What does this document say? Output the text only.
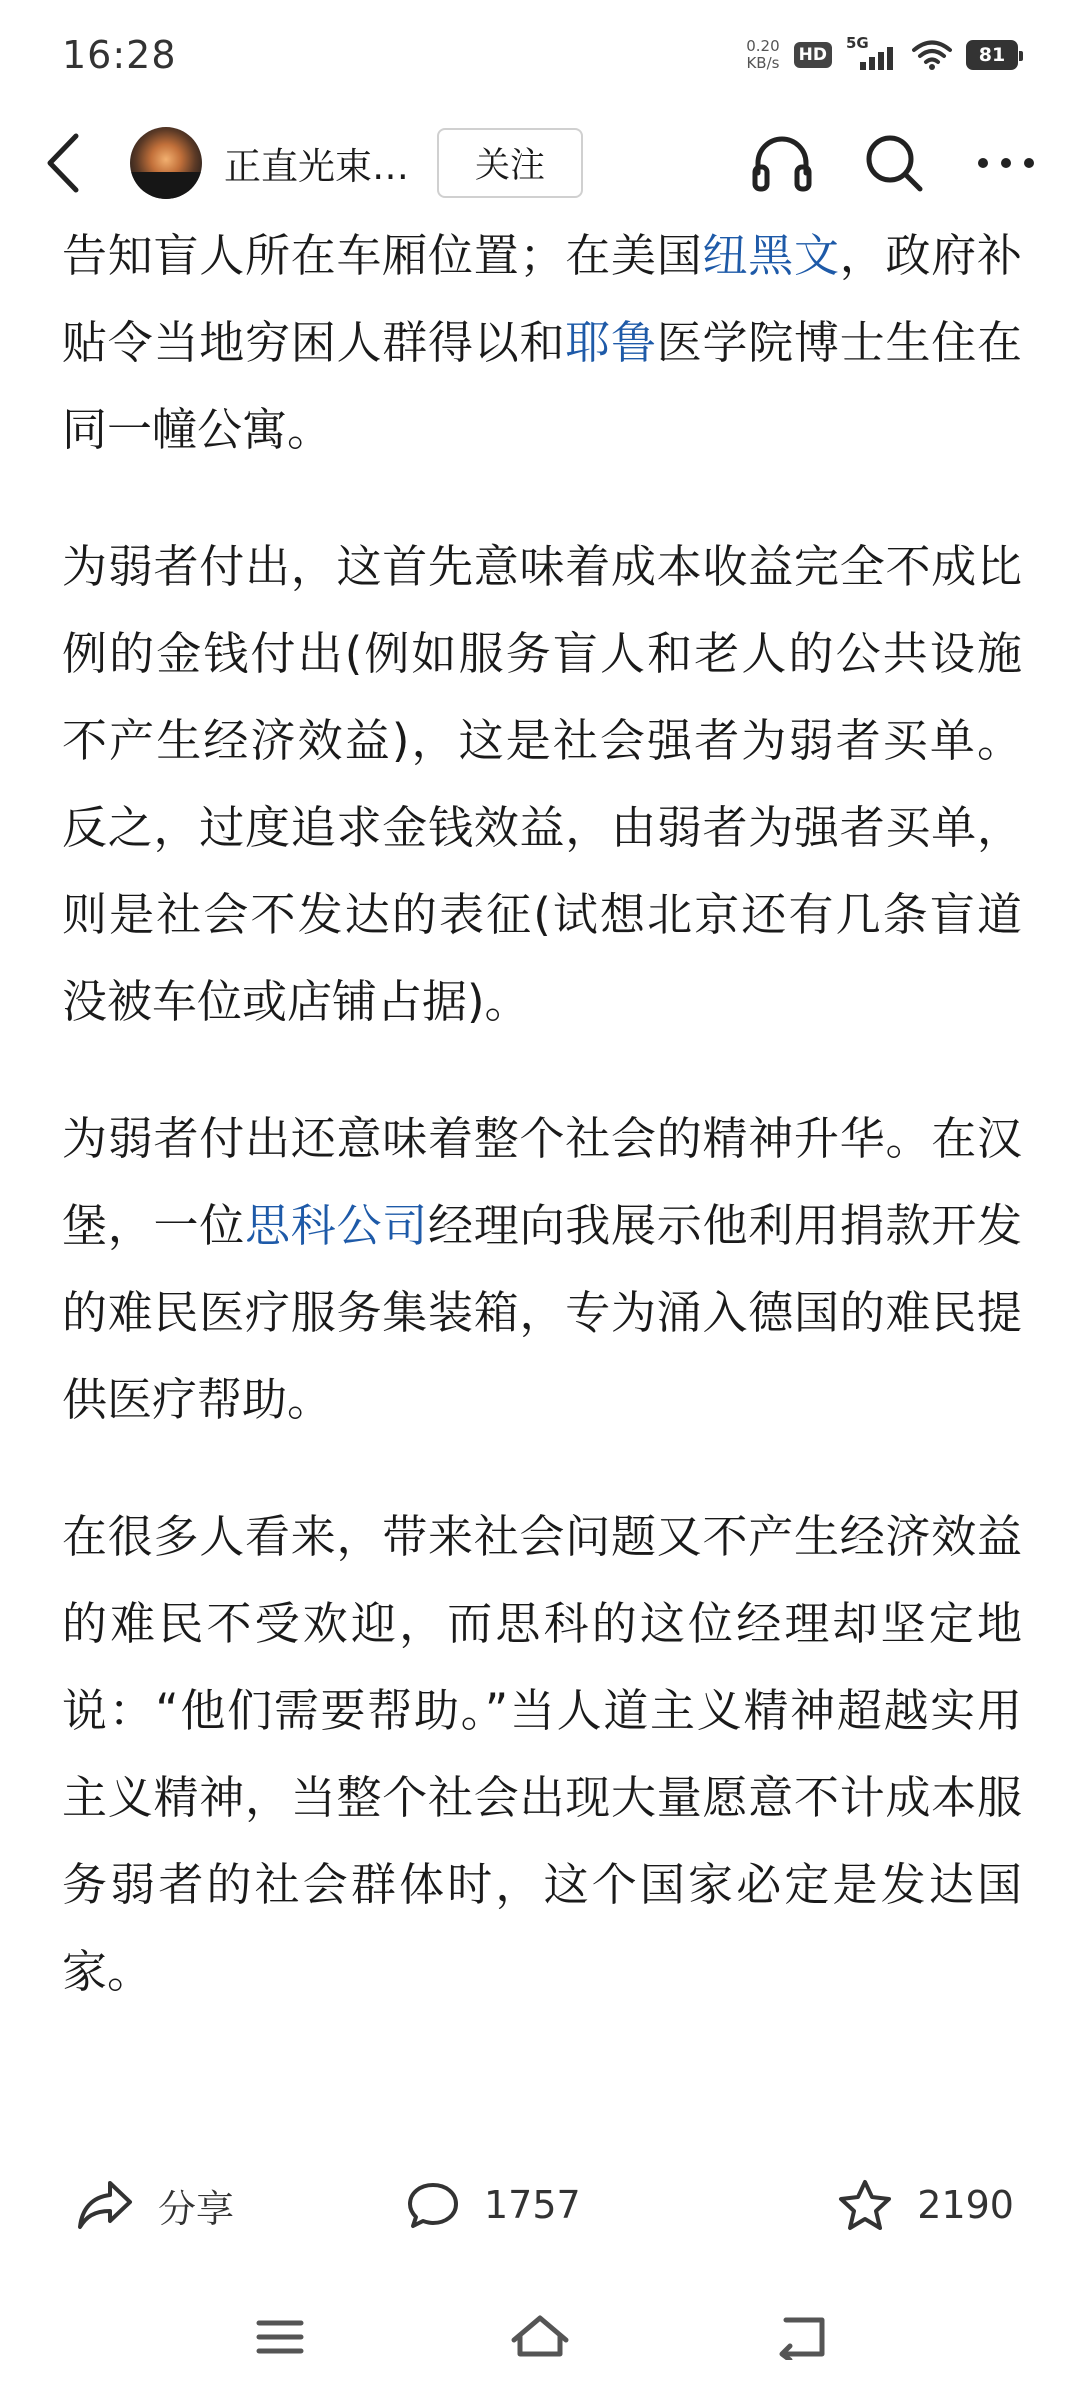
16:28	0.20
KB/s HD
5G
81
正直光束…	关注

告知盲人所在车厢位置；在美国纽黑文，政府补贴令当地穷困人群得以和耶鲁医学院博士生住在同一幢公寓。

为弱者付出，这首先意味着成本收益完全不成比例的金钱付出(例如服务盲人和老人的公共设施不产生经济效益)，这是社会强者为弱者买单。反之，过度追求金钱效益，由弱者为强者买单，则是社会不发达的表征(试想北京还有几条盲道没被车位或店铺占据)。

为弱者付出还意味着整个社会的精神升华。在汉堡，一位思科公司经理向我展示他利用捐款开发的难民医疗服务集装箱，专为涌入德国的难民提供医疗帮助。

在很多人看来，带来社会问题又不产生经济效益的难民不受欢迎，而思科的这位经理却坚定地说：“他们需要帮助。”当人道主义精神超越实用主义精神，当整个社会出现大量愿意不计成本服务弱者的社会群体时，这个国家必定是发达国家。

分享	1757	2190
